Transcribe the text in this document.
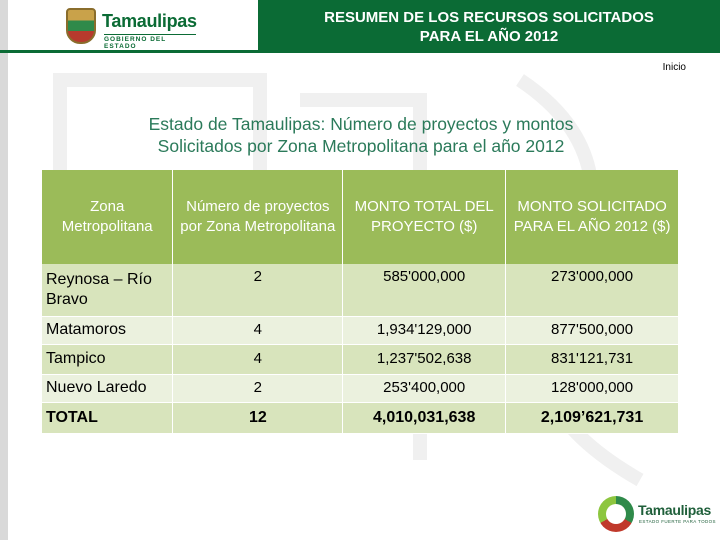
RESUMEN DE LOS RECURSOS SOLICITADOS
PARA EL AÑO 2012
Tamaulipas
GOBIERNO DEL ESTADO
Inicio
Estado de Tamaulipas: Número de proyectos y montos
Solicitados por Zona Metropolitana para el año 2012
Zona Metropolitana	Número de proyectos por Zona Metropolitana	MONTO TOTAL DEL PROYECTO ($)	MONTO SOLICITADO PARA EL AÑO 2012 ($)
Reynosa – Río Bravo	2	585'000,000	273'000,000
Matamoros	4	1,934'129,000	877'500,000
Tampico	4	1,237'502,638	831'121,731
Nuevo Laredo	2	253'400,000	128'000,000
TOTAL	12	4,010,031,638	2,109’621,731
Tamaulipas
ESTADO FUERTE PARA TODOS
